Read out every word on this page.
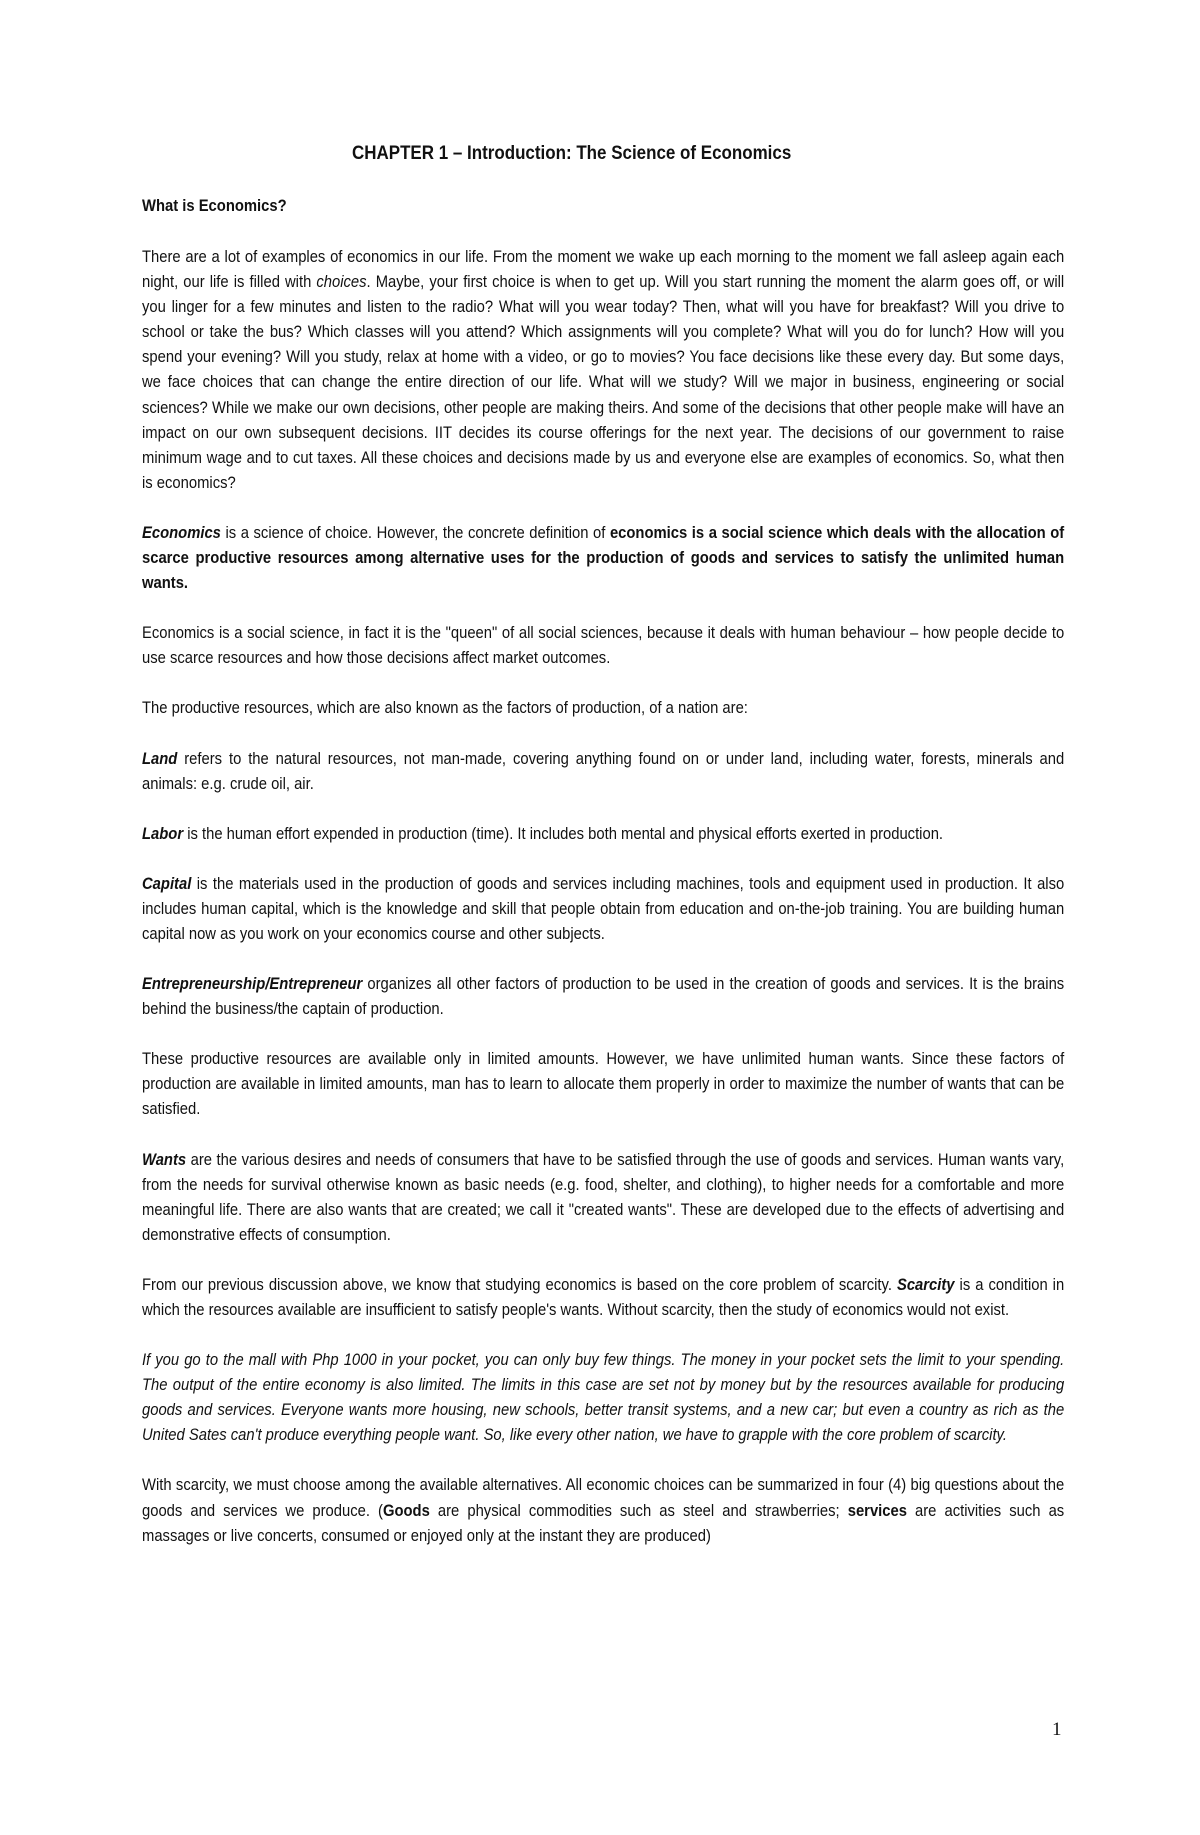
CHAPTER 1 – Introduction: The Science of Economics
What is Economics?

There are a lot of examples of economics in our life. From the moment we wake up each morning to the moment we fall asleep again each night, our life is filled with choices. Maybe, your first choice is when to get up. Will you start running the moment the alarm goes off, or will you linger for a few minutes and listen to the radio? What will you wear today? Then, what will you have for breakfast? Will you drive to school or take the bus? Which classes will you attend? Which assignments will you complete? What will you do for lunch? How will you spend your evening? Will you study, relax at home with a video, or go to movies? You face decisions like these every day. But some days, we face choices that can change the entire direction of our life. What will we study? Will we major in business, engineering or social sciences? While we make our own decisions, other people are making theirs. And some of the decisions that other people make will have an impact on our own subsequent decisions. IIT decides its course offerings for the next year. The decisions of our government to raise minimum wage and to cut taxes. All these choices and decisions made by us and everyone else are examples of economics. So, what then is economics?

Economics is a science of choice. However, the concrete definition of economics is a social science which deals with the allocation of scarce productive resources among alternative uses for the production of goods and services to satisfy the unlimited human wants.

Economics is a social science, in fact it is the "queen" of all social sciences, because it deals with human behaviour – how people decide to use scarce resources and how those decisions affect market outcomes.

The productive resources, which are also known as the factors of production, of a nation are:

Land refers to the natural resources, not man-made, covering anything found on or under land, including water, forests, minerals and animals: e.g. crude oil, air.

Labor is the human effort expended in production (time). It includes both mental and physical efforts exerted in production.

Capital is the materials used in the production of goods and services including machines, tools and equipment used in production. It also includes human capital, which is the knowledge and skill that people obtain from education and on-the-job training. You are building human capital now as you work on your economics course and other subjects.

Entrepreneurship/Entrepreneur organizes all other factors of production to be used in the creation of goods and services. It is the brains behind the business/the captain of production.

These productive resources are available only in limited amounts. However, we have unlimited human wants. Since these factors of production are available in limited amounts, man has to learn to allocate them properly in order to maximize the number of wants that can be satisfied.

Wants are the various desires and needs of consumers that have to be satisfied through the use of goods and services. Human wants vary, from the needs for survival otherwise known as basic needs (e.g. food, shelter, and clothing), to higher needs for a comfortable and more meaningful life. There are also wants that are created; we call it "created wants". These are developed due to the effects of advertising and demonstrative effects of consumption.

From our previous discussion above, we know that studying economics is based on the core problem of scarcity. Scarcity is a condition in which the resources available are insufficient to satisfy people's wants. Without scarcity, then the study of economics would not exist.

If you go to the mall with Php 1000 in your pocket, you can only buy few things. The money in your pocket sets the limit to your spending. The output of the entire economy is also limited. The limits in this case are set not by money but by the resources available for producing goods and services. Everyone wants more housing, new schools, better transit systems, and a new car; but even a country as rich as the United Sates can't produce everything people want. So, like every other nation, we have to grapple with the core problem of scarcity.

With scarcity, we must choose among the available alternatives. All economic choices can be summarized in four (4) big questions about the goods and services we produce. (Goods are physical commodities such as steel and strawberries; services are activities such as massages or live concerts, consumed or enjoyed only at the instant they are produced)

1
